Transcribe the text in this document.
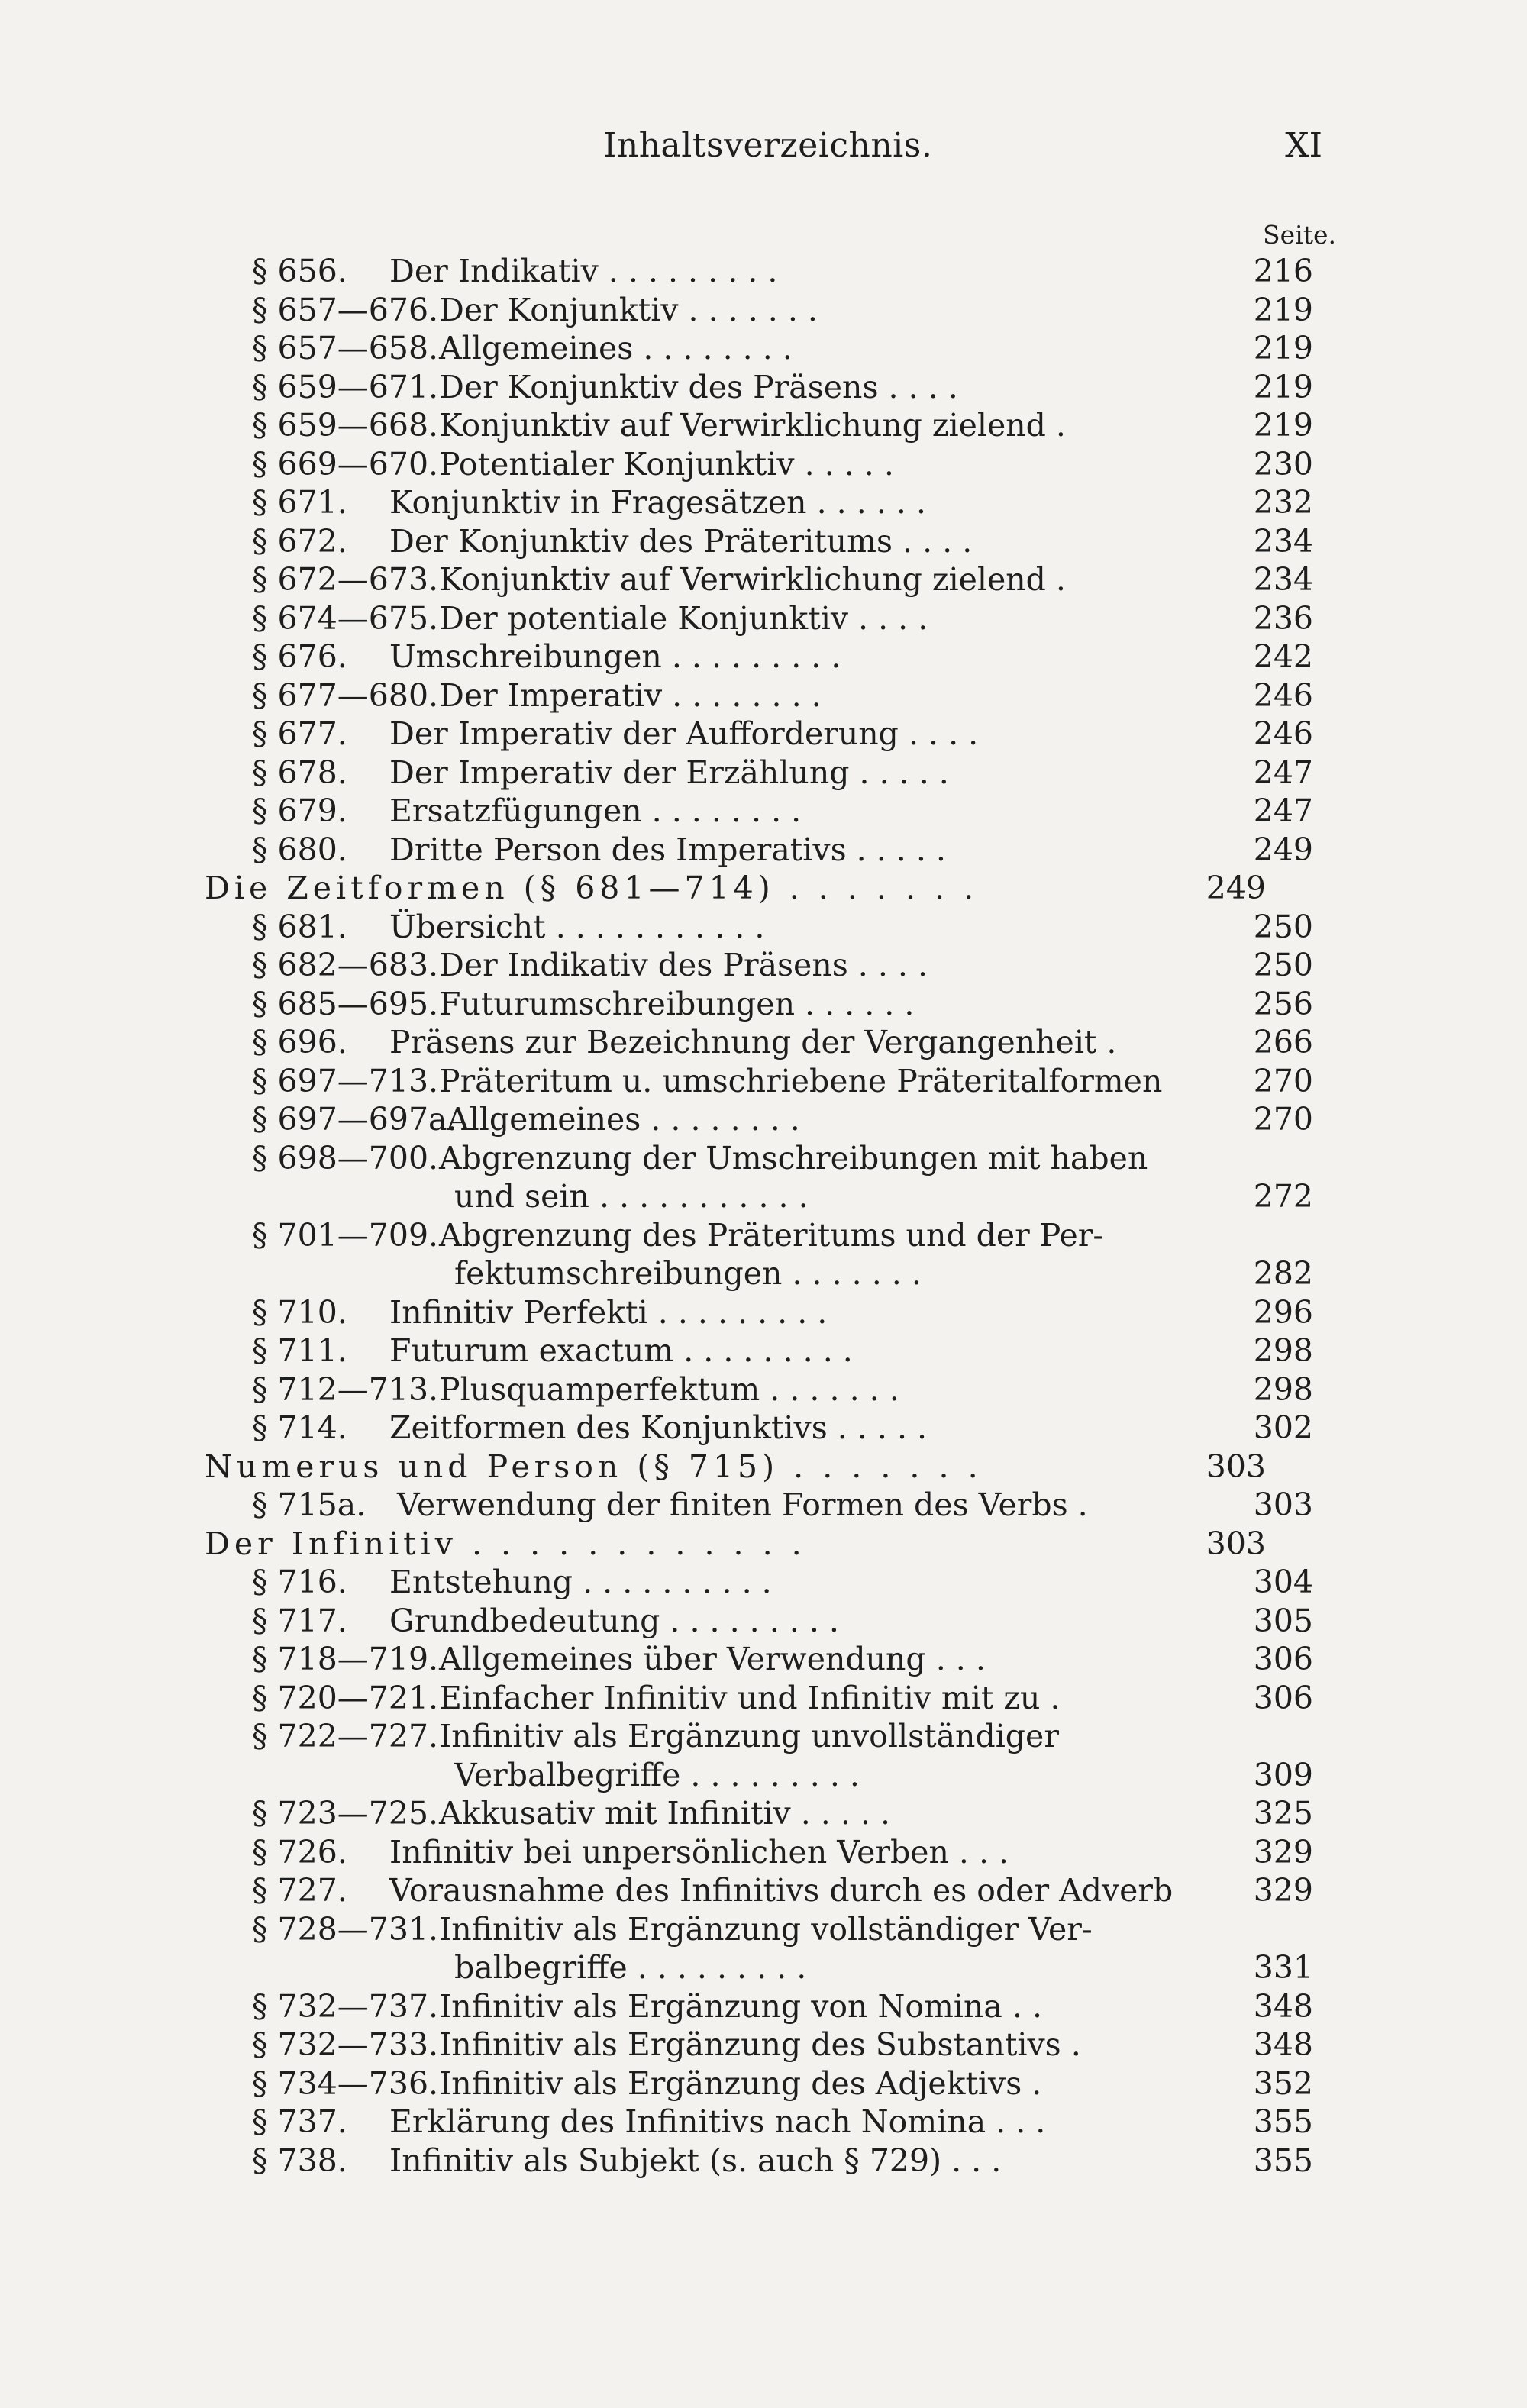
Inhaltsverzeichnis.	XI
Seite.
§ 656. Der Indikativ . . . . . . . . .	216
§ 657—676. Der Konjunktiv . . . . . . .	219
§ 657—658. Allgemeines . . . . . . . .	219
§ 659—671. Der Konjunktiv des Präsens . . . .	219
§ 659—668. Konjunktiv auf Verwirklichung zielend .	219
§ 669—670. Potentialer Konjunktiv . . . . .	230
§ 671. Konjunktiv in Fragesätzen . . . . . .	232
§ 672. Der Konjunktiv des Präteritums . . . .	234
§ 672—673. Konjunktiv auf Verwirklichung zielend .	234
§ 674—675. Der potentiale Konjunktiv . . . .	236
§ 676. Umschreibungen . . . . . . . . .	242
§ 677—680. Der Imperativ . . . . . . . .	246
§ 677. Der Imperativ der Aufforderung . . . .	246
§ 678. Der Imperativ der Erzählung . . . . .	247
§ 679. Ersatzfügungen . . . . . . . .	247
§ 680. Dritte Person des Imperativs . . . . .	249
Die Zeitformen (§ 681—714) . . . . . . .	249
§ 681. Übersicht . . . . . . . . . . .	250
§ 682—683. Der Indikativ des Präsens . . . .	250
§ 685—695. Futurumschreibungen . . . . . .	256
§ 696. Präsens zur Bezeichnung der Vergangenheit .	266
§ 697—713. Präteritum u. umschriebene Präteritalformen	270
§ 697—697a.
Allgemeines . . . . . . . .	270
§ 698—700. Abgrenzung der Umschreibungen mit haben
und sein . . . . . . . . . . .	272
§ 701—709. Abgrenzung des Präteritums und der Per-
fektumschreibungen . . . . . . .	282
§ 710. Infinitiv Perfekti . . . . . . . . .	296
§ 711. Futurum exactum . . . . . . . . .	298
§ 712—713. Plusquamperfektum . . . . . . .	298
§ 714. Zeitformen des Konjunktivs . . . . .	302
Numerus und Person (§ 715) . . . . . . .	303
§ 715a. Verwendung der finiten Formen des Verbs .	303
Der Infinitiv . . . . . . . . . . . .	303
§ 716. Entstehung . . . . . . . . . .	304
§ 717. Grundbedeutung . . . . . . . . .	305
§ 718—719. Allgemeines über Verwendung . . .	306
§ 720—721. Einfacher Infinitiv und Infinitiv mit zu .	306
§ 722—727. Infinitiv als Ergänzung unvollständiger
Verbalbegriffe . . . . . . . . .	309
§ 723—725. Akkusativ mit Infinitiv . . . . .	325
§ 726. Infinitiv bei unpersönlichen Verben . . .	329
§ 727. Vorausnahme des Infinitivs durch es oder Adverb	329
§ 728—731. Infinitiv als Ergänzung vollständiger Ver-
balbegriffe . . . . . . . . .	331
§ 732—737. Infinitiv als Ergänzung von Nomina . .	348
§ 732—733. Infinitiv als Ergänzung des Substantivs .	348
§ 734—736. Infinitiv als Ergänzung des Adjektivs .	352
§ 737. Erklärung des Infinitivs nach Nomina . . .	355
§ 738. Infinitiv als Subjekt (s. auch § 729) . . .	355
